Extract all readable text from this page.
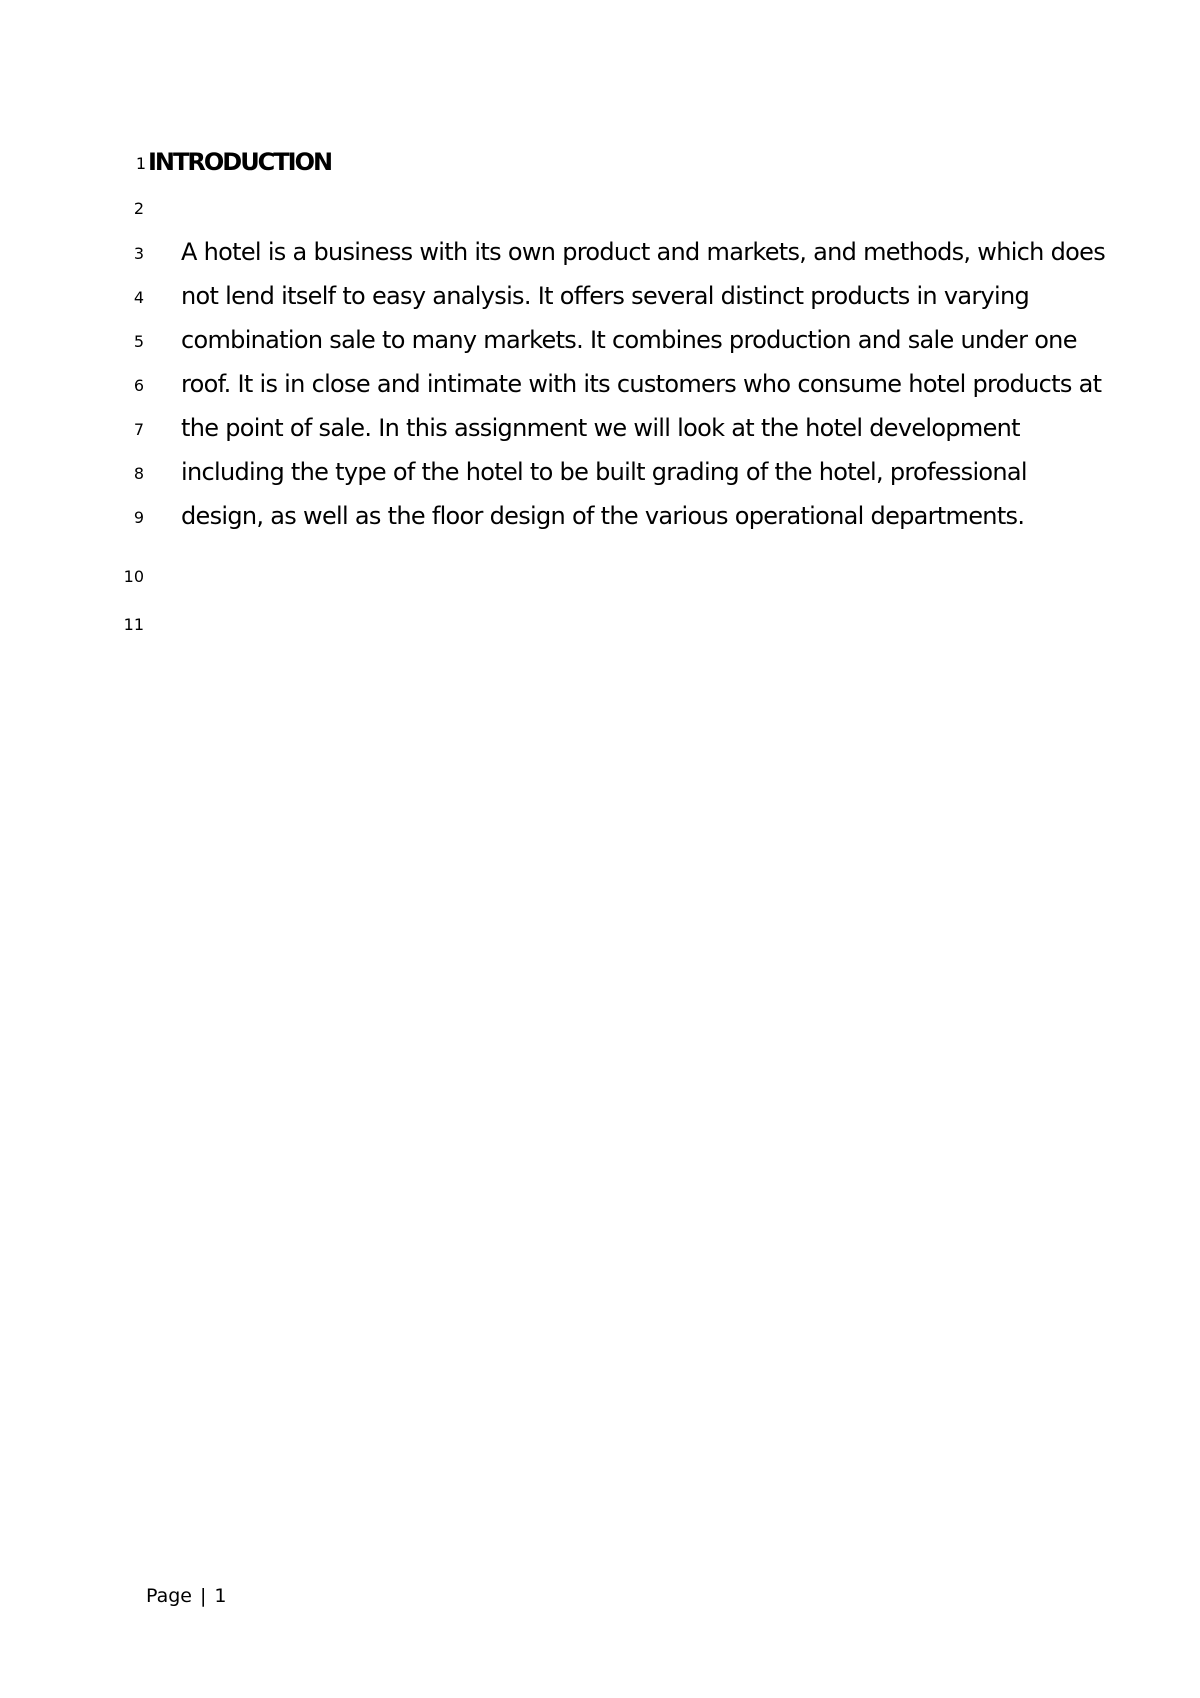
1
2
3
4
5
6
7
8
9
10
11
INTRODUCTION
A hotel is a business with its own product and markets, and methods, which does
not lend itself to easy analysis. It offers several distinct products in varying
combination sale to many markets. It combines production and sale under one
roof. It is in close and intimate with its customers who consume hotel products at
the point of sale. In this assignment we will look at the hotel development
including the type of the hotel to be built grading of the hotel, professional
design, as well as the floor design of the various operational departments.
Page | 1
